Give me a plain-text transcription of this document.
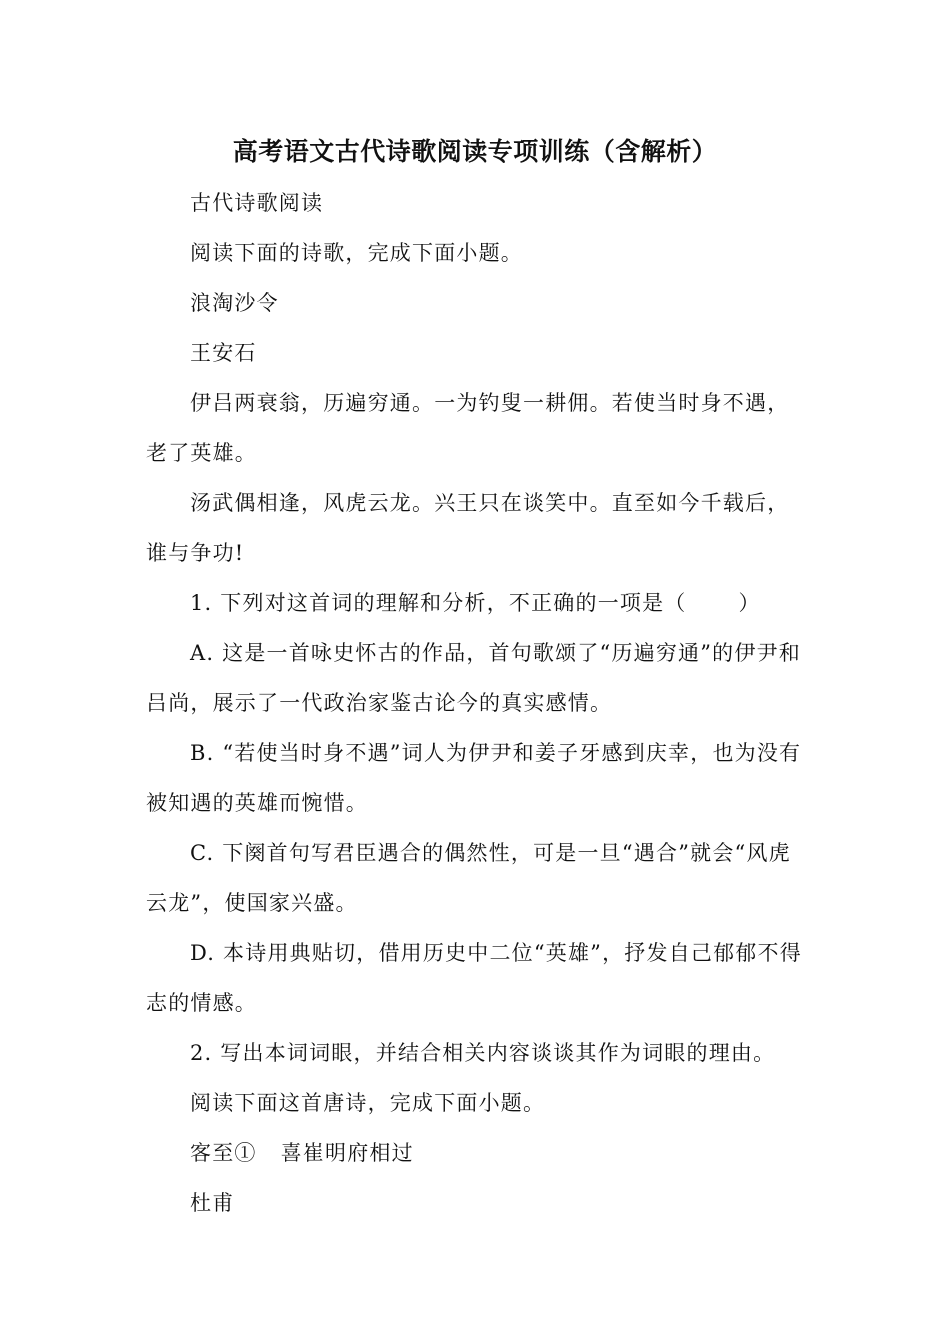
高考语文古代诗歌阅读专项训练（含解析）

古代诗歌阅读

阅读下面的诗歌，完成下面小题。

浪淘沙令

王安石

伊吕两衰翁，历遍穷通。一为钓叟一耕佣。若使当时身不遇，老了英雄。

汤武偶相逢，风虎云龙。兴王只在谈笑中。直至如今千载后，谁与争功!

1. 下列对这首词的理解和分析，不正确的一项是（ ）

A. 这是一首咏史怀古的作品，首句歌颂了“历遍穷通”的伊尹和吕尚，展示了一代政治家鉴古论今的真实感情。

B. “若使当时身不遇”词人为伊尹和姜子牙感到庆幸，也为没有被知遇的英雄而惋惜。

C. 下阕首句写君臣遇合的偶然性，可是一旦“遇合”就会“风虎云龙”，使国家兴盛。

D. 本诗用典贴切，借用历史中二位“英雄”，抒发自己郁郁不得志的情感。

2. 写出本词词眼，并结合相关内容谈谈其作为词眼的理由。

阅读下面这首唐诗，完成下面小题。

客至① 喜崔明府相过

杜甫
